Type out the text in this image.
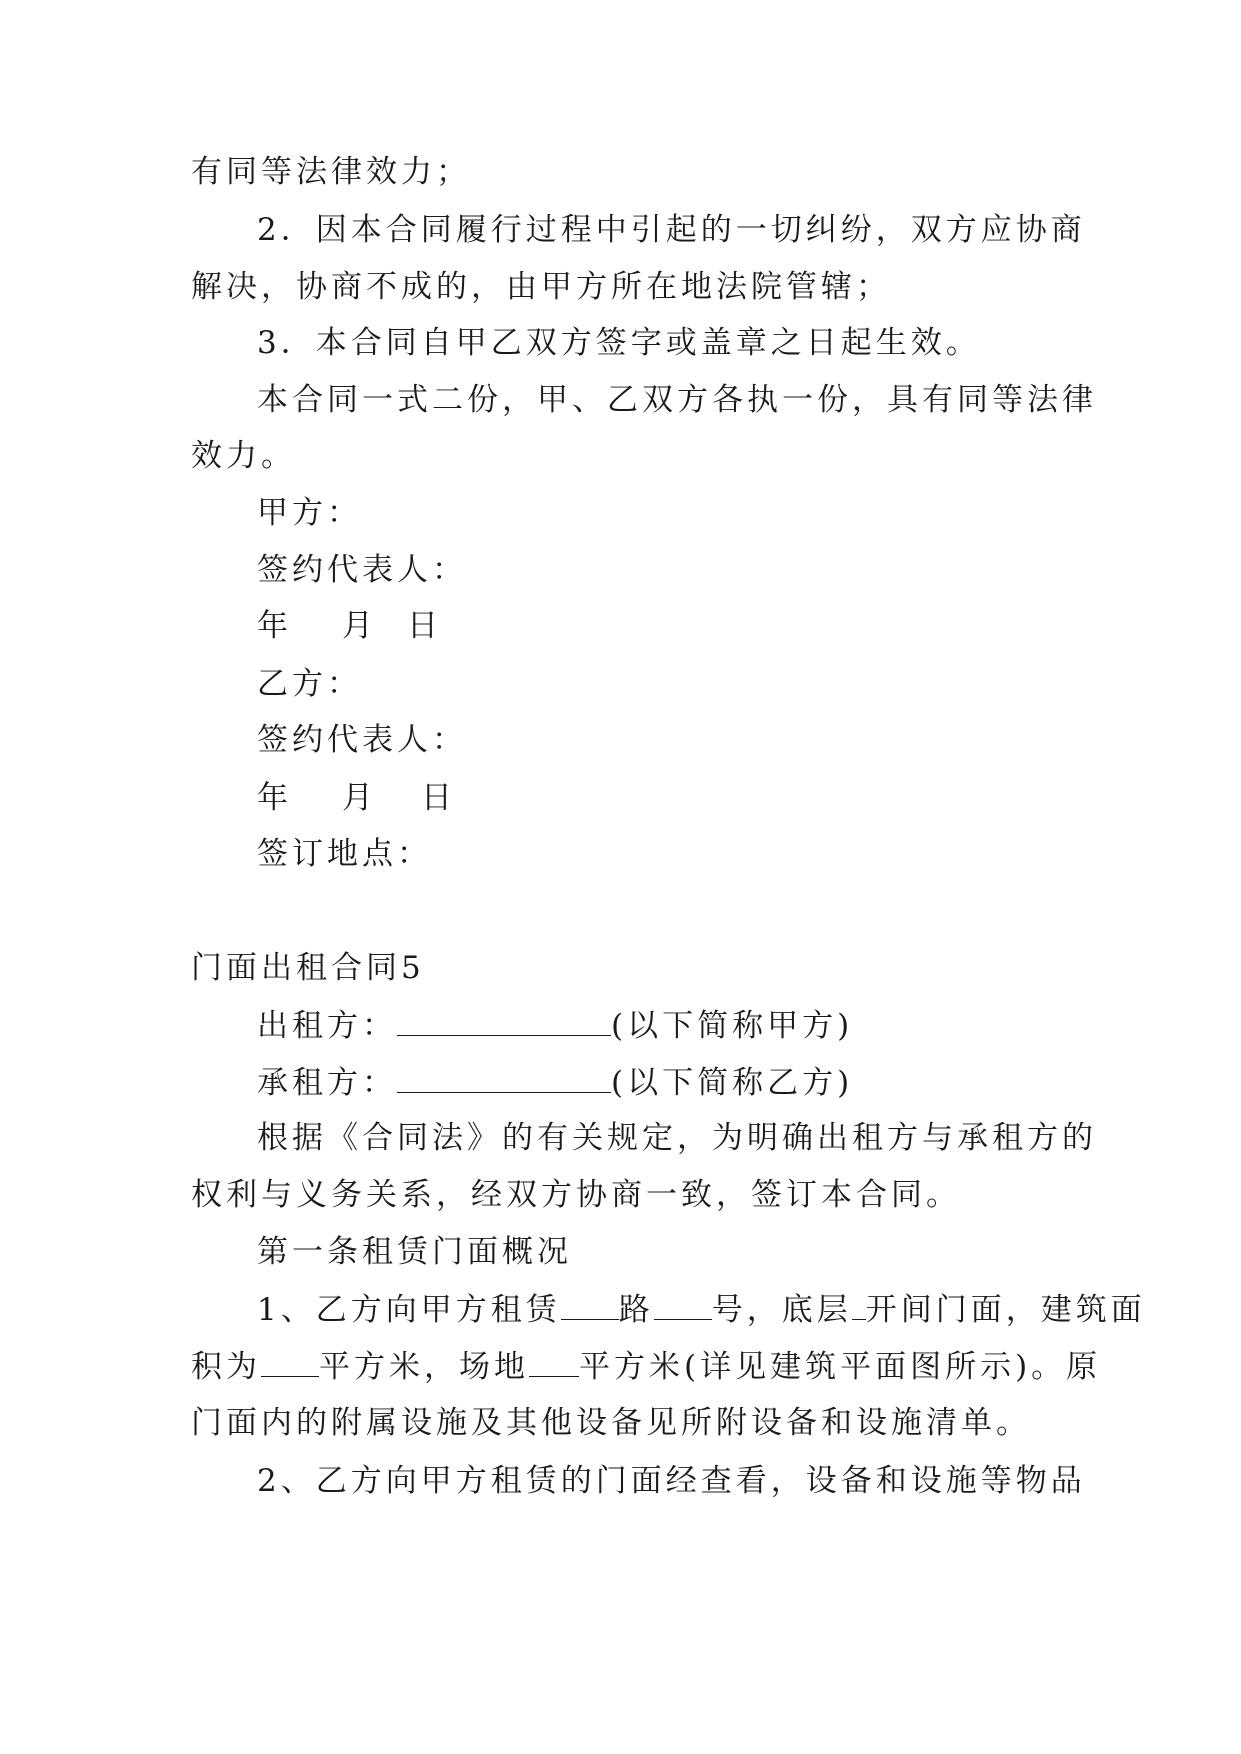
有同等法律效力；
2．因本合同履行过程中引起的一切纠纷，双方应协商
解决，协商不成的，由甲方所在地法院管辖；
3．本合同自甲乙双方签字或盖章之日起生效。
本合同一式二份，甲、乙双方各执一份，具有同等法律
效力。
甲方：
签约代表人：
年 月 日
乙方：
签约代表人：
年 月 日
签订地点：
门面出租合同5
出租方：	(以下简称甲方)
承租方：	(以下简称乙方)
根据《合同法》的有关规定，为明确出租方与承租方的
权利与义务关系，经双方协商一致，签订本合同。
第一条租赁门面概况
1、乙方向甲方租赁 路 号，底层 开间门面，建筑面
积为 平方米，场地 平方米(详见建筑平面图所示)。原
门面内的附属设施及其他设备见所附设备和设施清单。
2、乙方向甲方租赁的门面经查看，设备和设施等物品
